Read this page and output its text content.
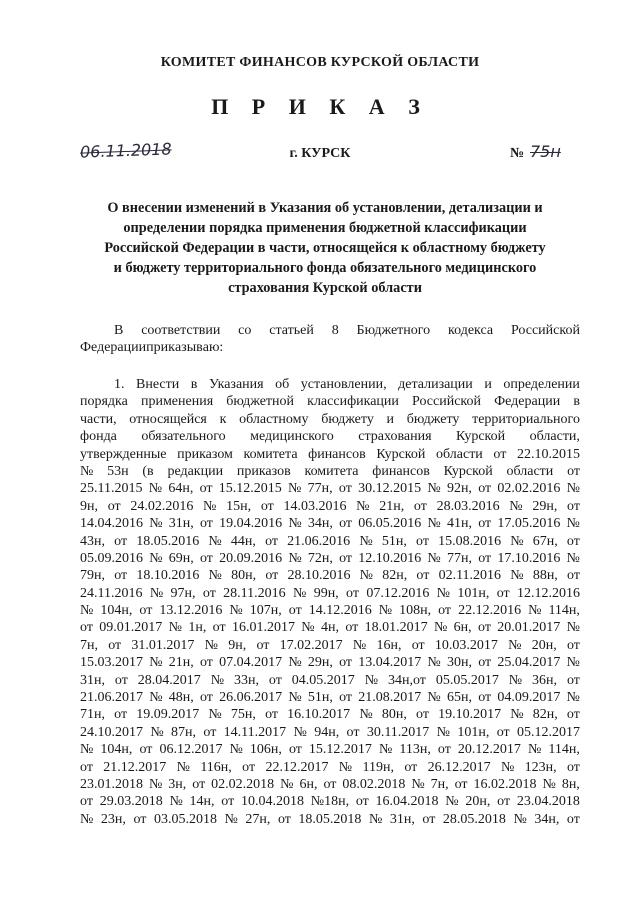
КОМИТЕТ ФИНАНСОВ КУРСКОЙ ОБЛАСТИ
П Р И К А З
06.11.2018	г. КУРСК	№ 75н
О внесении изменений в Указания об установлении, детализации и
определении порядка применения бюджетной классификации
Российской Федерации в части, относящейся к областному бюджету
и бюджету территориального фонда обязательного медицинского
страхования Курской области
В соответствии со статьей 8 Бюджетного кодекса Российской
Федерации п р и к а з ы в а ю:
1. Внести в Указания об установлении, детализации и определении
порядка применения бюджетной классификации Российской Федерации в
части, относящейся к областному бюджету и бюджету территориального
фонда обязательного медицинского страхования Курской области,
утвержденные приказом комитета финансов Курской области от 22.10.2015
№ 53н (в редакции приказов комитета финансов Курской области от
25.11.2015 № 64н, от 15.12.2015 № 77н, от 30.12.2015 № 92н, от 02.02.2016 №
9н, от 24.02.2016 № 15н, от 14.03.2016 № 21н, от 28.03.2016 № 29н, от
14.04.2016 № 31н, от 19.04.2016 № 34н, от 06.05.2016 № 41н, от 17.05.2016 №
43н, от 18.05.2016 № 44н, от 21.06.2016 № 51н, от 15.08.2016 № 67н, от
05.09.2016 № 69н, от 20.09.2016 № 72н, от 12.10.2016 № 77н, от 17.10.2016 №
79н, от 18.10.2016 № 80н, от 28.10.2016 № 82н, от 02.11.2016 № 88н, от
24.11.2016 № 97н, от 28.11.2016 № 99н, от 07.12.2016 № 101н, от 12.12.2016
№ 104н, от 13.12.2016 № 107н, от 14.12.2016 № 108н, от 22.12.2016 № 114н,
от 09.01.2017 № 1н, от 16.01.2017 № 4н, от 18.01.2017 № 6н, от 20.01.2017 №
7н, от 31.01.2017 № 9н, от 17.02.2017 № 16н, от 10.03.2017 № 20н, от
15.03.2017 № 21н, от 07.04.2017 № 29н, от 13.04.2017 № 30н, от 25.04.2017 №
31н, от 28.04.2017 № 33н, от 04.05.2017 № 34н,от 05.05.2017 № 36н, от
21.06.2017 № 48н, от 26.06.2017 № 51н, от 21.08.2017 № 65н, от 04.09.2017 №
71н, от 19.09.2017 № 75н, от 16.10.2017 № 80н, от 19.10.2017 № 82н, от
24.10.2017 № 87н, от 14.11.2017 № 94н, от 30.11.2017 № 101н, от 05.12.2017
№ 104н, от 06.12.2017 № 106н, от 15.12.2017 № 113н, от 20.12.2017 № 114н,
от 21.12.2017 № 116н, от 22.12.2017 № 119н, от 26.12.2017 № 123н, от
23.01.2018 № 3н, от 02.02.2018 № 6н, от 08.02.2018 № 7н, от 16.02.2018 № 8н,
от 29.03.2018 № 14н, от 10.04.2018 №18н, от 16.04.2018 № 20н, от 23.04.2018
№ 23н, от 03.05.2018 № 27н, от 18.05.2018 № 31н, от 28.05.2018 № 34н, от
